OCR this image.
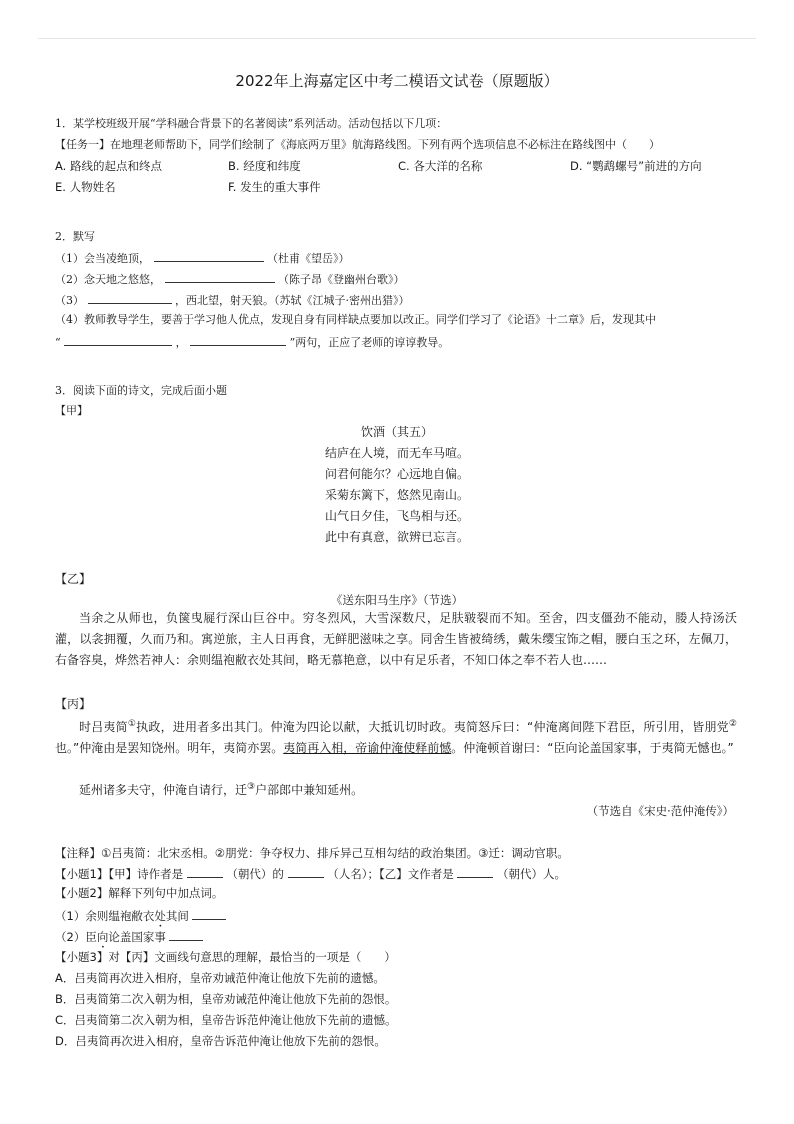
2022年上海嘉定区中考二模语文试卷（原题版）
1．某学校班级开展“学科融合背景下的名著阅读”系列活动。活动包括以下几项：
【任务一】在地理老师帮助下，同学们绘制了《海底两万里》航海路线图。下列有两个选项信息不必标注在路线图中（　　）
A. 路线的起点和终点	B. 经度和纬度	C. 各大洋的名称	D. “鹦鹉螺号”前进的方向
E. 人物姓名	F. 发生的重大事件
2．默写
（1）会当凌绝顶，	（杜甫《望岳》）
（2）念天地之悠悠，	（陈子昂《登幽州台歌》）
（3）	，西北望，射天狼。（苏轼《江城子·密州出猎》）
（4）教师教导学生，要善于学习他人优点，发现自身有同样缺点要加以改正。同学们学习了《论语》十二章》后，发现其中
“	，	”两句，正应了老师的谆谆教导。
3．阅读下面的诗文，完成后面小题
【甲】
饮酒（其五）
结庐在人境，而无车马喧。
问君何能尔？心远地自偏。
采菊东篱下，悠然见南山。
山气日夕佳，飞鸟相与还。
此中有真意，欲辨已忘言。
【乙】
《送东阳马生序》（节选）
当余之从师也，负箧曳屣行深山巨谷中。穷冬烈风，大雪深数尺，足肤皲裂而不知。至舍，四支僵劲不能动，媵人持汤沃灌，以衾拥覆，久而乃和。寓逆旅，主人日再食，无鲜肥滋味之享。同舍生皆被绮绣，戴朱缨宝饰之帽，腰白玉之环，左佩刀，右备容臭，烨然若神人：余则缊袍敝衣处其间，略无慕艳意，以中有足乐者，不知口体之奉不若人也……
【丙】
时吕夷简①执政，进用者多出其门。仲淹为四论以献，大抵讥切时政。夷简怒斥曰：“仲淹离间陛下君臣，所引用，皆朋党②也。”仲淹由是罢知饶州。明年，夷简亦罢。夷简再入相，帝谕仲淹使释前憾。仲淹顿首谢曰：“臣向论盖国家事，于夷简无憾也。”
延州诸多夫守，仲淹自请行，迁③户部郎中兼知延州。
（节选自《宋史·范仲淹传》）
【注释】①吕夷简：北宋丞相。②朋党：争夺权力、排斥异己互相勾结的政治集团。③迁：调动官职。
【小题1】【甲】诗作者是	（朝代）的	（人名）；【乙】文作者是	（朝代）人。
【小题2】解释下列句中加点词。
（1）余则缊袍敝衣处其间
（2）臣向论盖国家事
【小题3】对【丙】文画线句意思的理解，最恰当的一项是（　　）
A．吕夷简再次进入相府，皇帝劝诫范仲淹让他放下先前的遗憾。
B．吕夷简第二次入朝为相，皇帝劝诫范仲淹让他放下先前的怨恨。
C．吕夷简第二次入朝为相，皇帝告诉范仲淹让他放下先前的遗憾。
D．吕夷简再次进入相府，皇帝告诉范仲淹让他放下先前的怨恨。
